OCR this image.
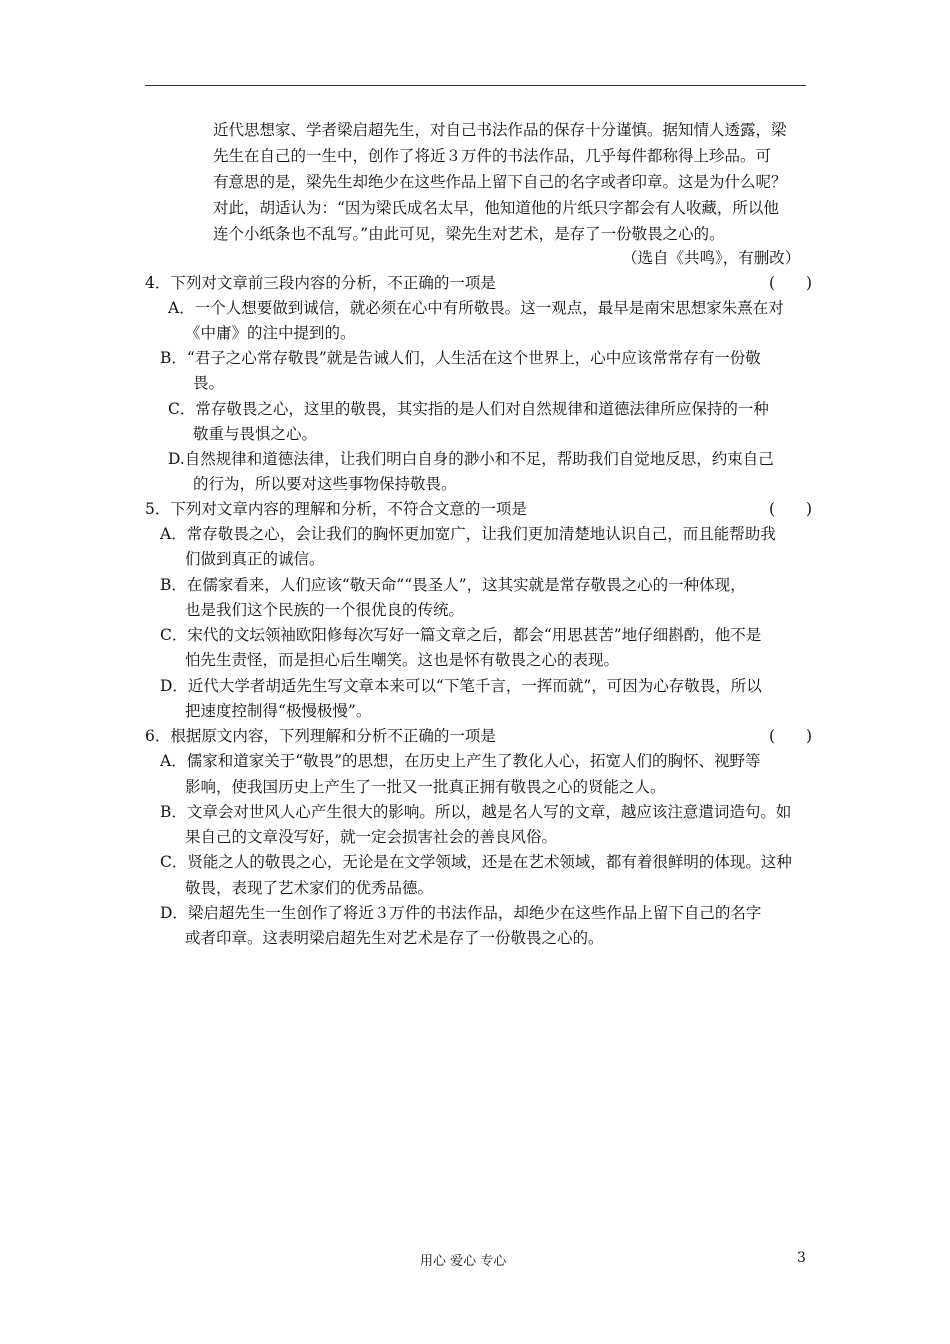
近代思想家、学者梁启超先生，对自己书法作品的保存十分谨慎。据知情人透露，梁
先生在自己的一生中，创作了将近３万件的书法作品，几乎每件都称得上珍品。可
有意思的是，梁先生却绝少在这些作品上留下自己的名字或者印章。这是为什么呢？
对此，胡适认为：“因为梁氏成名太早，他知道他的片纸只字都会有人收藏，所以他
连个小纸条也不乱写。”由此可见，梁先生对艺术，是存了一份敬畏之心的。
（选自《共鸣》，有删改）
4．下列对文章前三段内容的分析，不正确的一项是	(　　)
A．一个人想要做到诚信，就必须在心中有所敬畏。这一观点，最早是南宋思想家朱熹在对
《中庸》的注中提到的。
B．“君子之心常存敬畏”就是告诫人们，人生活在这个世界上，心中应该常常存有一份敬
畏。
C．常存敬畏之心，这里的敬畏，其实指的是人们对自然规律和道德法律所应保持的一种
敬重与畏惧之心。
D.自然规律和道德法律，让我们明白自身的渺小和不足，帮助我们自觉地反思，约束自己
的行为，所以要对这些事物保持敬畏。
5．下列对文章内容的理解和分析，不符合文意的一项是	(　　)
A．常存敬畏之心，会让我们的胸怀更加宽广，让我们更加清楚地认识自己，而且能帮助我
们做到真正的诚信。
B．在儒家看来，人们应该“敬天命”“畏圣人”，这其实就是常存敬畏之心的一种体现，
也是我们这个民族的一个很优良的传统。
C．宋代的文坛领袖欧阳修每次写好一篇文章之后，都会“用思甚苦”地仔细斟酌，他不是
怕先生责怪，而是担心后生嘲笑。这也是怀有敬畏之心的表现。
D．近代大学者胡适先生写文章本来可以“下笔千言，一挥而就”，可因为心存敬畏，所以
把速度控制得“极慢极慢”。
6．根据原文内容，下列理解和分析不正确的一项是	(　　)
A．儒家和道家关于“敬畏”的思想，在历史上产生了教化人心，拓宽人们的胸怀、视野等
影响，使我国历史上产生了一批又一批真正拥有敬畏之心的贤能之人。
B．文章会对世风人心产生很大的影响。所以，越是名人写的文章，越应该注意遣词造句。如
果自己的文章没写好，就一定会损害社会的善良风俗。
C．贤能之人的敬畏之心，无论是在文学领域，还是在艺术领域，都有着很鲜明的体现。这种
敬畏，表现了艺术家们的优秀品德。
D．梁启超先生一生创作了将近３万件的书法作品，却绝少在这些作品上留下自己的名字
或者印章。这表明梁启超先生对艺术是存了一份敬畏之心的。
用心 爱心 专心	3
